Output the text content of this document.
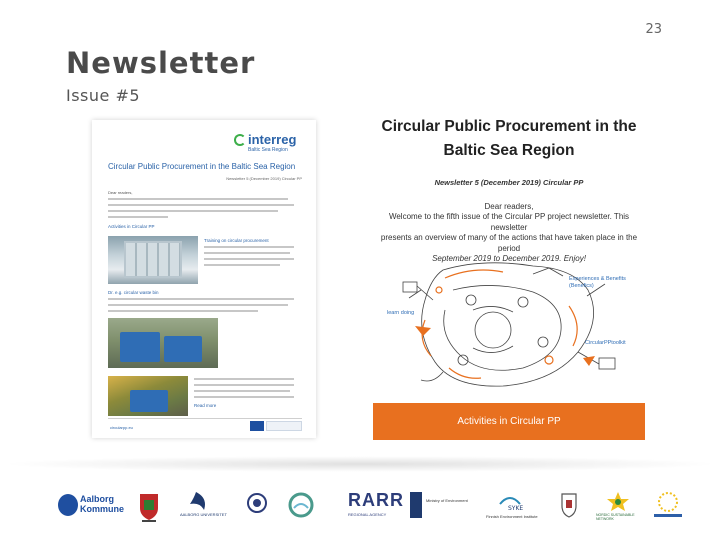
23
Newsletter
Issue #5
interreg
Baltic Sea Region
Circular Public Procurement in the Baltic Sea Region
Newsletter 5 (December 2019) Circular PP
Dear readers,
Activities in Circular PP
Training on circular procurement
Dr. e.g. circular waste bin
Read more
circularpp.eu
Circular Public Procurement in the
Baltic Sea Region
Newsletter 5 (December 2019) Circular PP
Dear readers,
Welcome to the fifth issue of the Circular PP project newsletter. This newsletter
presents an overview of many of the actions that have taken place in the period
September 2019 to December 2019. Enjoy!
Experiences & Benefits (Benefics)
learn doing
CircularPPtoolkit
Activities in Circular PP
Aalborg Kommune
AALBORG UNIVERSITET
RARR
REGIONAL AGENCY
Ministry of Environment
SYKE
Finnish Environment Institute	NORDIC SUSTAINABLE NETWORK
